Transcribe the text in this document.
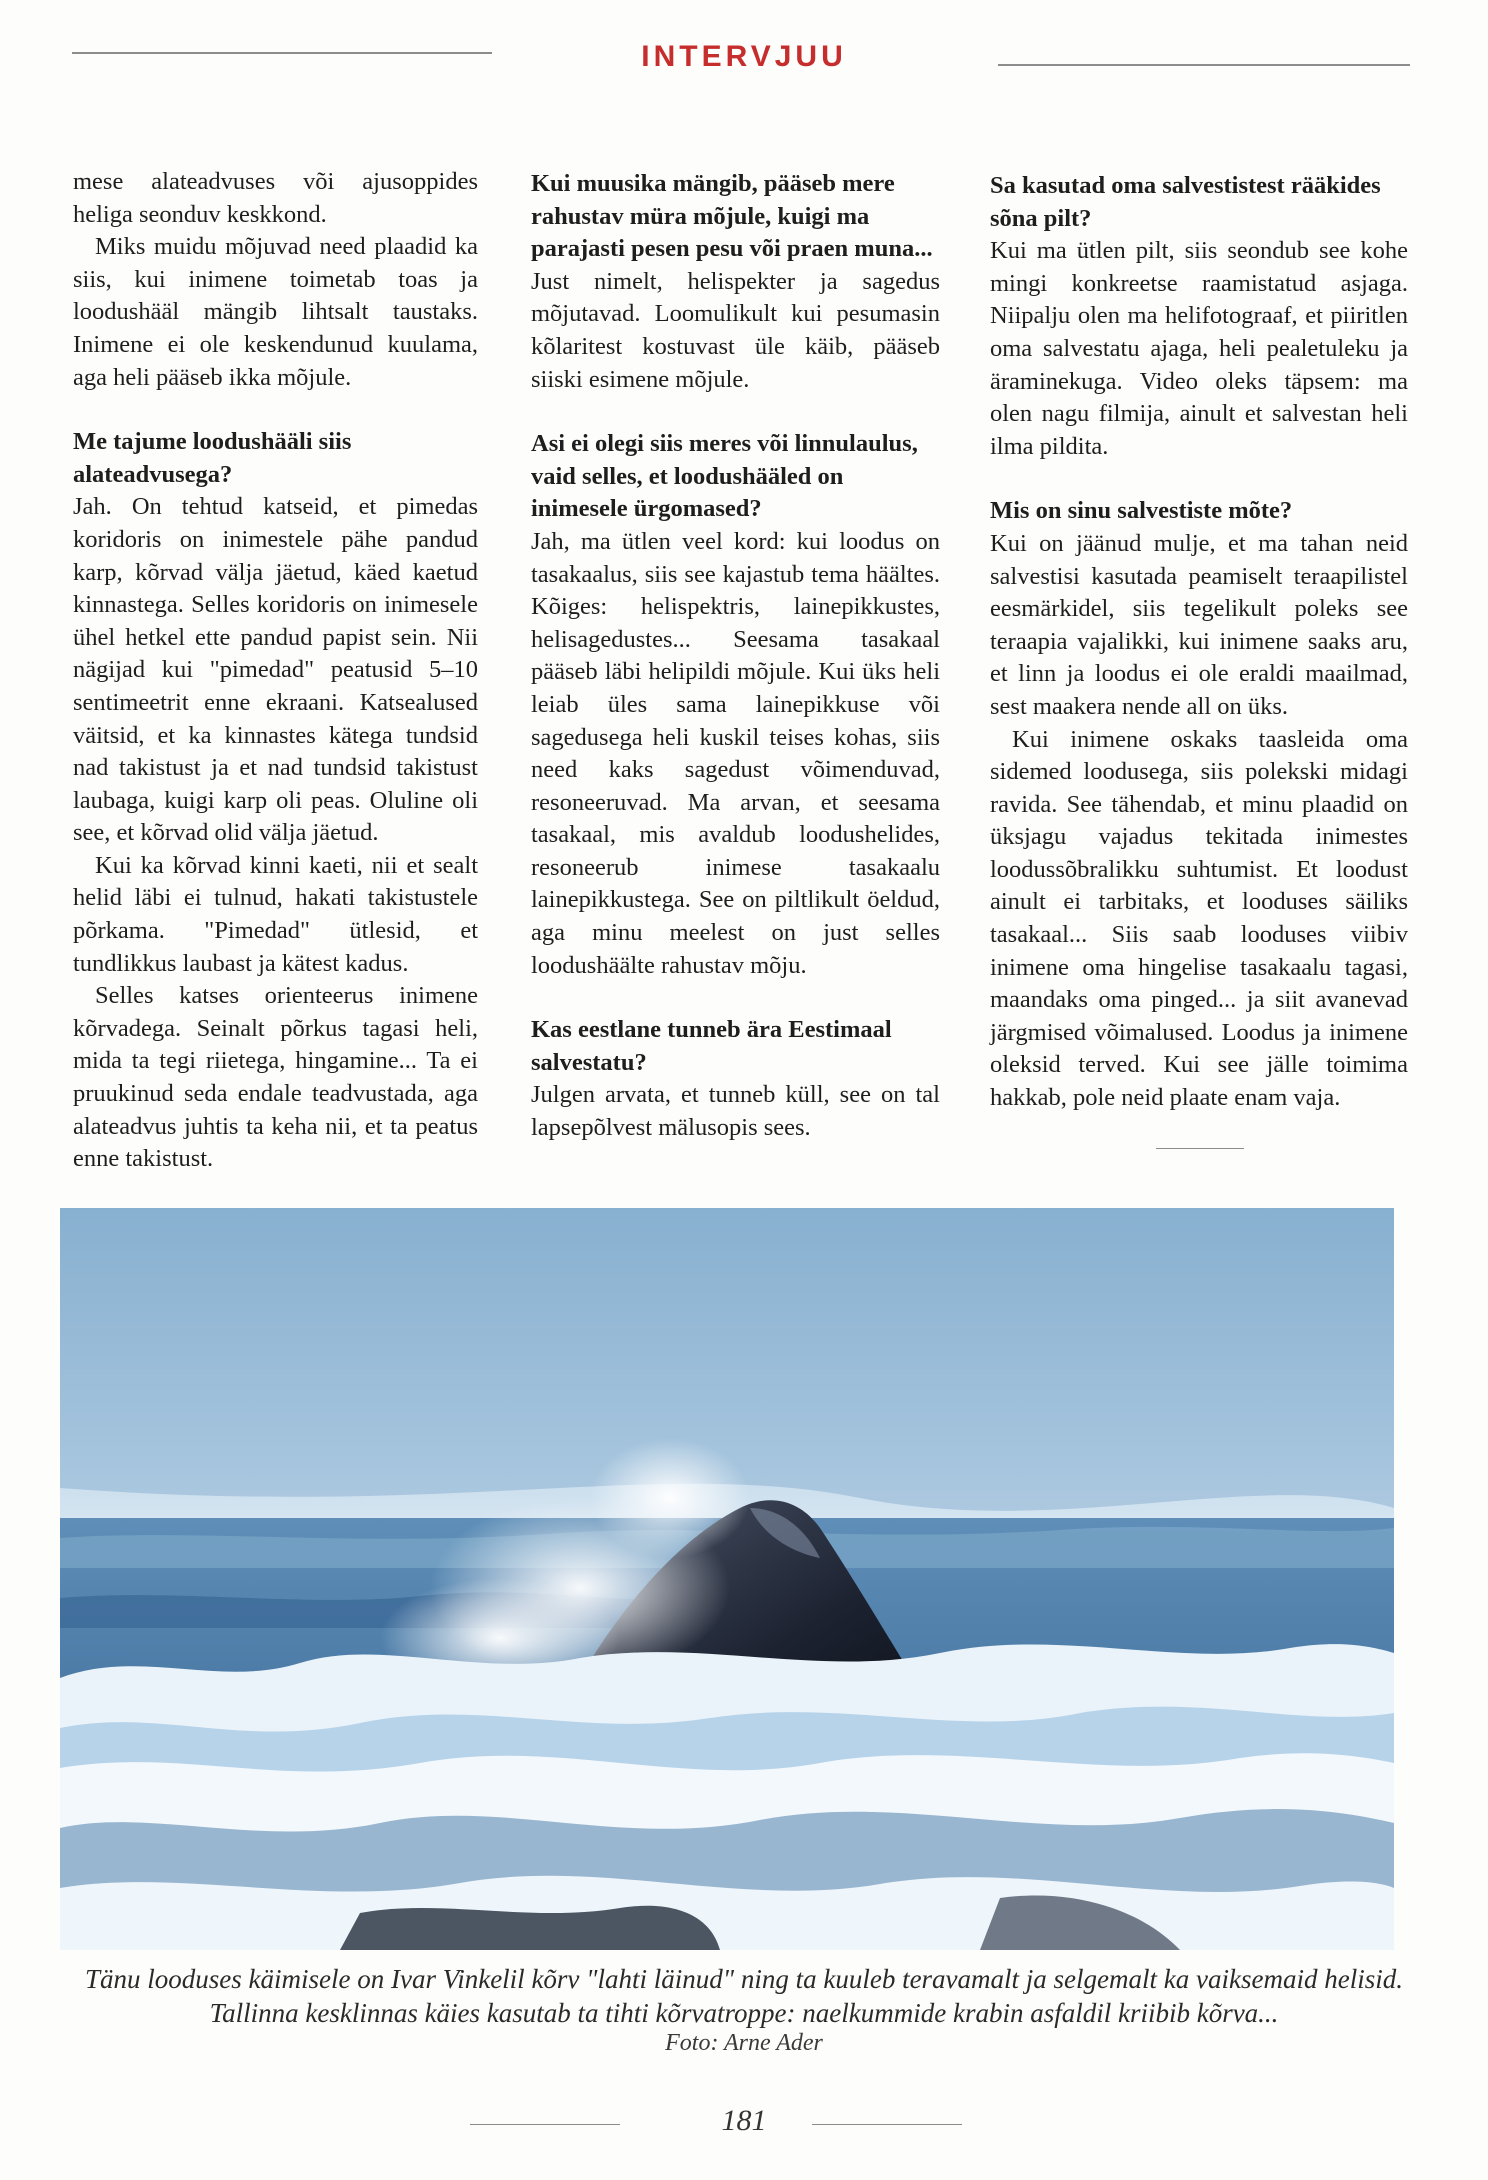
INTERVJUU

mese alateadvuses või ajusoppides heliga seonduv keskkond.

Miks muidu mõjuvad need plaadid ka siis, kui inimene toimetab toas ja loodushääl mängib lihtsalt taustaks. Inimene ei ole keskendunud kuulama, aga heli pääseb ikka mõjule.

Me tajume loodushääli siis alateadvusega?

Jah. On tehtud katseid, et pimedas koridoris on inimestele pähe pandud karp, kõrvad välja jäetud, käed kaetud kinnastega. Selles koridoris on inimesele ühel hetkel ette pandud papist sein. Nii nägijad kui "pimedad" peatusid 5–10 sentimeetrit enne ekraani. Katsealused väitsid, et ka kinnastes kätega tundsid nad takistust ja et nad tundsid takistust laubaga, kuigi karp oli peas. Oluline oli see, et kõrvad olid välja jäetud.

Kui ka kõrvad kinni kaeti, nii et sealt helid läbi ei tulnud, hakati takistustele põrkama. "Pimedad" ütlesid, et tundlikkus laubast ja kätest kadus.

Selles katses orienteerus inimene kõrvadega. Seinalt põrkus tagasi heli, mida ta tegi riietega, hingamine... Ta ei pruukinud seda endale teadvustada, aga alateadvus juhtis ta keha nii, et ta peatus enne takistust.

Kui muusika mängib, pääseb mere rahustav müra mõjule, kuigi ma parajasti pesen pesu või praen muna...

Just nimelt, helispekter ja sagedus mõjutavad. Loomulikult kui pesumasin kõlaritest kostuvast üle käib, pääseb siiski esimene mõjule.

Asi ei olegi siis meres või linnulaulus, vaid selles, et loodushääled on inimesele ürgomased?

Jah, ma ütlen veel kord: kui loodus on tasakaalus, siis see kajastub tema häältes. Kõiges: helispektris, lainepikkustes, helisagedustes... Seesama tasakaal pääseb läbi helipildi mõjule. Kui üks heli leiab üles sama lainepikkuse või sagedusega heli kuskil teises kohas, siis need kaks sagedust võimenduvad, resoneeruvad. Ma arvan, et seesama tasakaal, mis avaldub loodushelides, resoneerub inimese tasakaalu lainepikkustega. See on piltlikult öeldud, aga minu meelest on just selles loodushäälte rahustav mõju.

Kas eestlane tunneb ära Eestimaal salvestatu?

Julgen arvata, et tunneb küll, see on tal lapsepõlvest mälusopis sees.

Sa kasutad oma salvestistest rääkides sõna pilt?

Kui ma ütlen pilt, siis seondub see kohe mingi konkreetse raamistatud asjaga. Niipalju olen ma helifotograaf, et piiritlen oma salvestatu ajaga, heli pealetuleku ja äraminekuga. Video oleks täpsem: ma olen nagu filmija, ainult et salvestan heli ilma pildita.

Mis on sinu salvestiste mõte?

Kui on jäänud mulje, et ma tahan neid salvestisi kasutada peamiselt teraapilistel eesmärkidel, siis tegelikult poleks see teraapia vajalikki, kui inimene saaks aru, et linn ja loodus ei ole eraldi maailmad, sest maakera nende all on üks.

Kui inimene oskaks taasleida oma sidemed loodusega, siis polekski midagi ravida. See tähendab, et minu plaadid on üksjagu vajadus tekitada inimestes loodussõbralikku suhtumist. Et loodust ainult ei tarbitaks, et looduses säiliks tasakaal... Siis saab looduses viibiv inimene oma hingelise tasakaalu tagasi, maandaks oma pinged... ja siit avanevad järgmised võimalused. Loodus ja inimene oleksid terved. Kui see jälle toimima hakkab, pole neid plaate enam vaja.

Tänu looduses käimisele on Ivar Vinkelil kõrv "lahti läinud" ning ta kuuleb teravamalt ja selgemalt ka vaiksemaid helisid. Tallinna kesklinnas käies kasutab ta tihti kõrvatroppe: naelkummide krabin asfaldil kriibib kõrva...
Foto: Arne Ader
181
